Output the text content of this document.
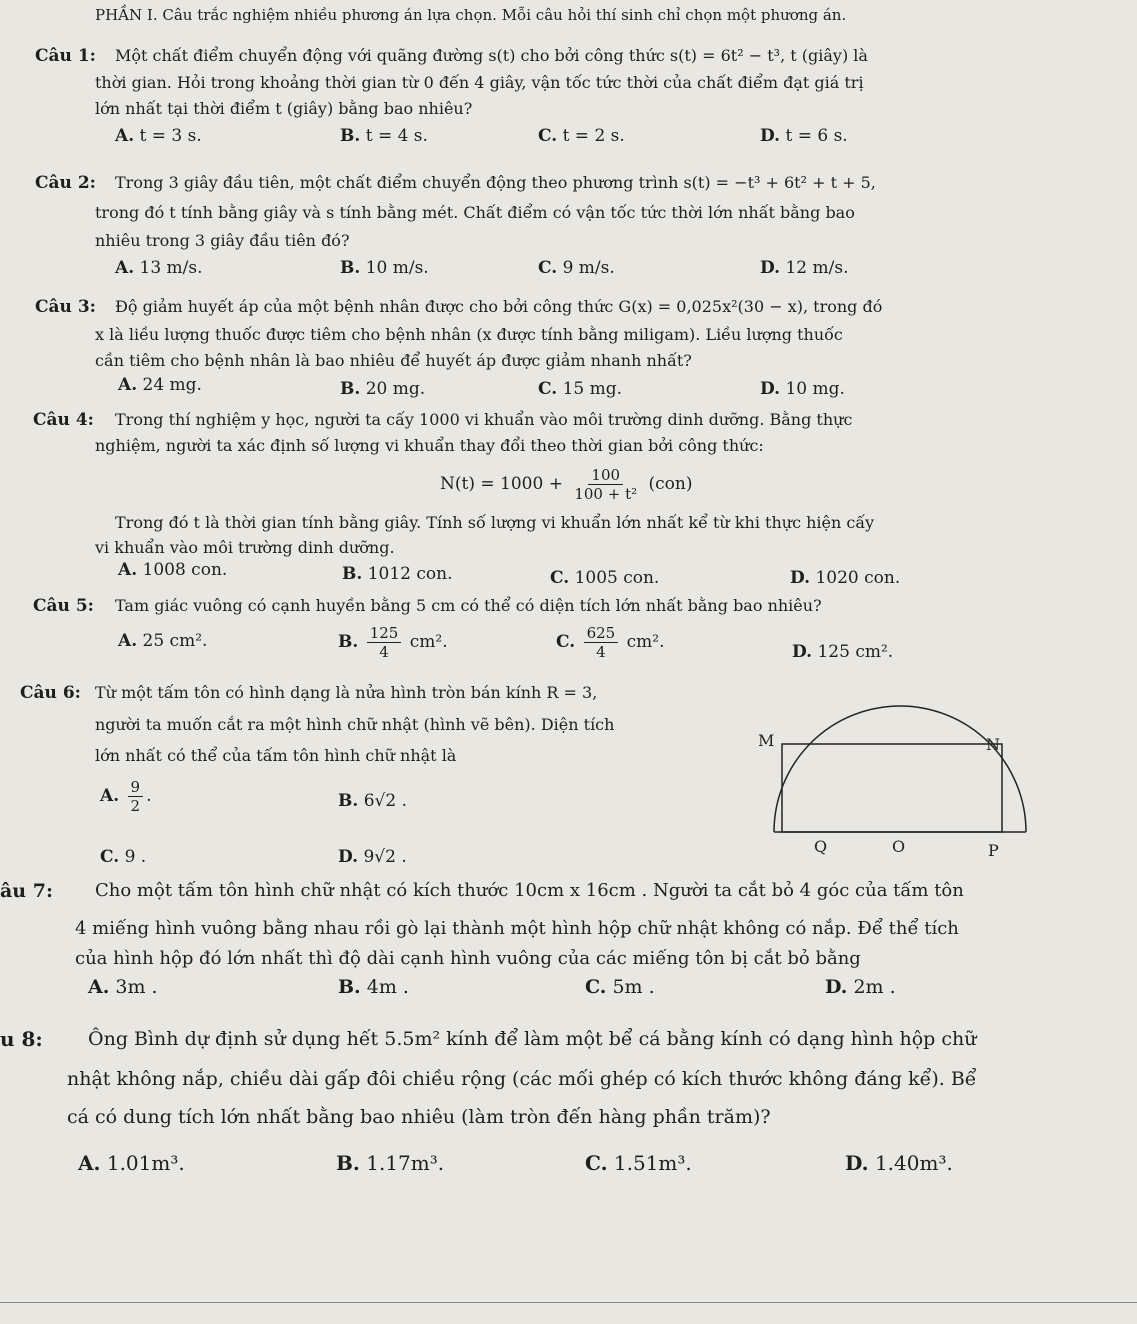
PHẦN I. Câu trắc nghiệm nhiều phương án lựa chọn. Mỗi câu hỏi thí sinh chỉ chọn một phương án.
Câu 1: Một chất điểm chuyển động với quãng đường s(t) cho bởi công thức s(t) = 6t² − t³, t (giây) là
thời gian. Hỏi trong khoảng thời gian từ 0 đến 4 giây, vận tốc tức thời của chất điểm đạt giá trị
lớn nhất tại thời điểm t (giây) bằng bao nhiêu?
A. t = 3 s.	B. t = 4 s.	C. t = 2 s.	D. t = 6 s.
Câu 2: Trong 3 giây đầu tiên, một chất điểm chuyển động theo phương trình s(t) = −t³ + 6t² + t + 5,
trong đó t tính bằng giây và s tính bằng mét. Chất điểm có vận tốc tức thời lớn nhất bằng bao
nhiêu trong 3 giây đầu tiên đó?
A. 13 m/s.	B. 10 m/s.	C. 9 m/s.	D. 12 m/s.
Câu 3: Độ giảm huyết áp của một bệnh nhân được cho bởi công thức G(x) = 0,025x²(30 − x), trong đó
x là liều lượng thuốc được tiêm cho bệnh nhân (x được tính bằng miligam). Liều lượng thuốc
cần tiêm cho bệnh nhân là bao nhiêu để huyết áp được giảm nhanh nhất?
A. 24 mg.	B. 20 mg.	C. 15 mg.	D. 10 mg.
Câu 4: Trong thí nghiệm y học, người ta cấy 1000 vi khuẩn vào môi trường dinh dưỡng. Bằng thực
nghiệm, người ta xác định số lượng vi khuẩn thay đổi theo thời gian bởi công thức:
$N(t) = 1000 + \frac{100}{\text{100 + t²}} (con)$
Trong đó t là thời gian tính bằng giây. Tính số lượng vi khuẩn lớn nhất kể từ khi thực hiện cấy
vi khuẩn vào môi trường dinh dưỡng.
A. 1008 con.	B. 1012 con.	C. 1005 con.	D. 1020 con.
Câu 5: Tam giác vuông có cạnh huyền bằng 5 cm có thể có diện tích lớn nhất bằng bao nhiêu?
A. 25 cm².	B. $\frac{125}{4} cm^2$.	C. $\frac{625}{4} cm^2$.	D. 125 cm².
Câu 6: Từ một tấm tôn có hình dạng là nửa hình tròn bán kính R = 3,
người ta muốn cắt ra một hình chữ nhật (hình vẽ bên). Diện tích
lớn nhất có thể của tấm tôn hình chữ nhật là
A. $\frac{9}{2}$ .	B. 6√2 .
C. 9 .	D. 9√2 .
M	N
Q	O	P
âu 7: Cho một tấm tôn hình chữ nhật có kích thước 10cm x 16cm . Người ta cắt bỏ 4 góc của tấm tôn
4 miếng hình vuông bằng nhau rồi gò lại thành một hình hộp chữ nhật không có nắp. Để thể tích
của hình hộp đó lớn nhất thì độ dài cạnh hình vuông của các miếng tôn bị cắt bỏ bằng
A. 3m .	B. 4m .	C. 5m .	D. 2m .
u 8: Ông Bình dự định sử dụng hết 5.5m² kính để làm một bể cá bằng kính có dạng hình hộp chữ
nhật không nắp, chiều dài gấp đôi chiều rộng (các mối ghép có kích thước không đáng kể). Bể
cá có dung tích lớn nhất bằng bao nhiêu (làm tròn đến hàng phần trăm)?
A. 1.01m³.	B. 1.17m³.	C. 1.51m³.	D. 1.40m³.
